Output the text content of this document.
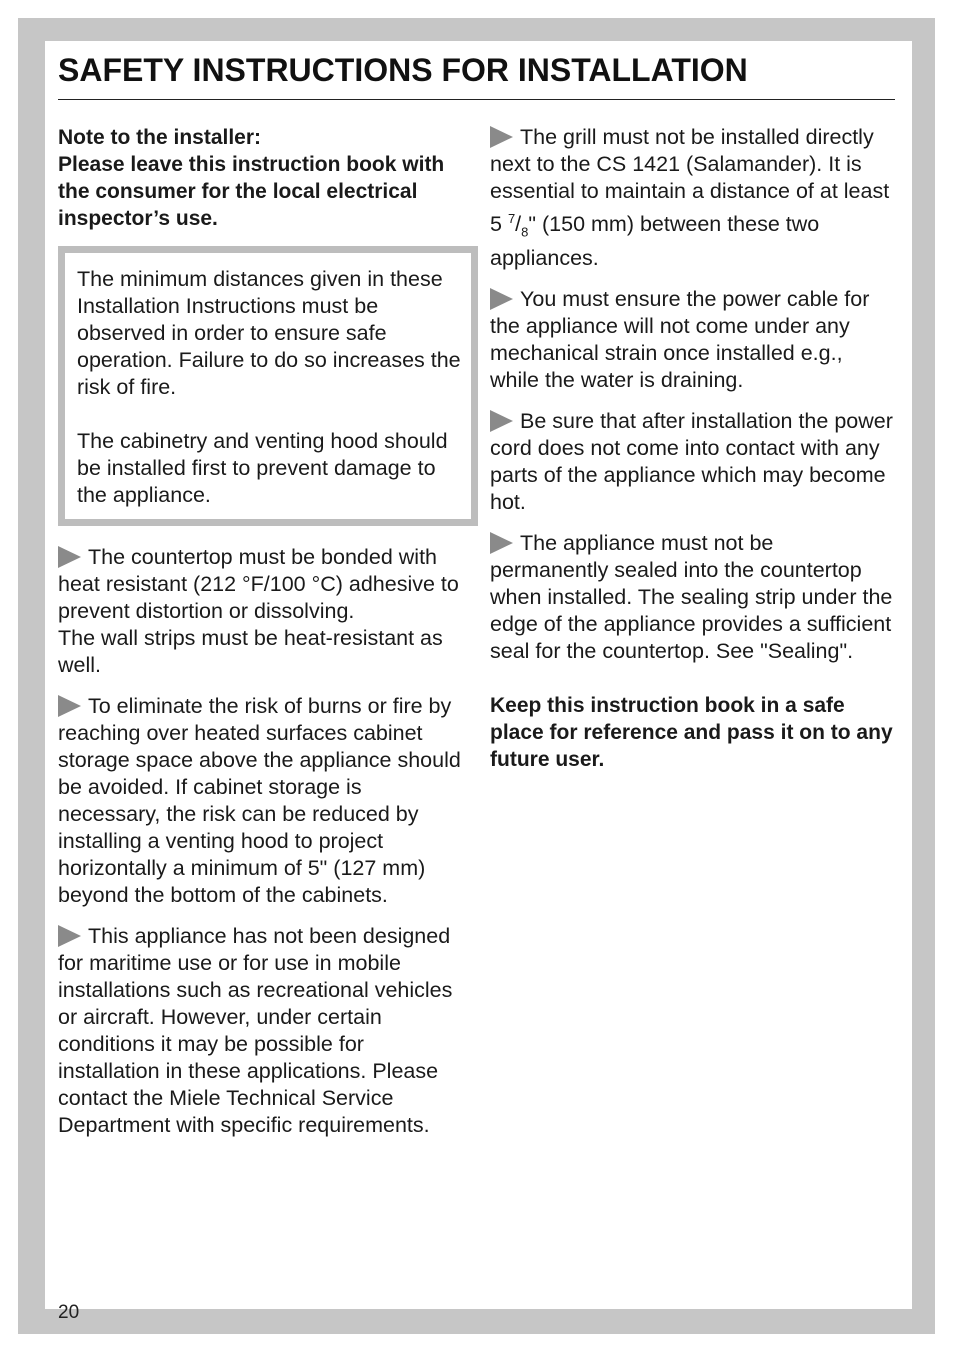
SAFETY INSTRUCTIONS FOR INSTALLATION

Note to the installer:

Please leave this instruction book with the consumer for the local electrical inspector’s use.

The minimum distances given in these Installation Instructions must be observed in order to ensure safe operation. Failure to do so increases the risk of fire.

The cabinetry and venting hood should be installed first to prevent damage to the appliance.

The countertop must be bonded with heat resistant (212 °F/100 °C) adhesive to prevent distortion or dissolving.

The wall strips must be heat-resistant as well.

To eliminate the risk of burns or fire by reaching over heated surfaces cabinet storage space above the appliance should be avoided. If cabinet storage is necessary, the risk can be reduced by installing a venting hood to project horizontally a minimum of 5" (127 mm) beyond the bottom of the cabinets.

This appliance has not been designed for maritime use or for use in mobile installations such as recreational vehicles or aircraft. However, under certain conditions it may be possible for installation in these applications. Please contact the Miele Technical Service Department with specific requirements.

The grill must not be installed directly next to the CS 1421 (Salamander). It is essential to maintain a distance of at least 5 $^7/_8$" (150 mm) between these two appliances.

You must ensure the power cable for the appliance will not come under any mechanical strain once installed e.g., while the water is draining.

Be sure that after installation the power cord does not come into contact with any parts of the appliance which may become hot.

The appliance must not be permanently sealed into the countertop when installed. The sealing strip under the edge of the appliance provides a sufficient seal for the countertop. See "Sealing".

Keep this instruction book in a safe place for reference and pass it on to any future user.

20
